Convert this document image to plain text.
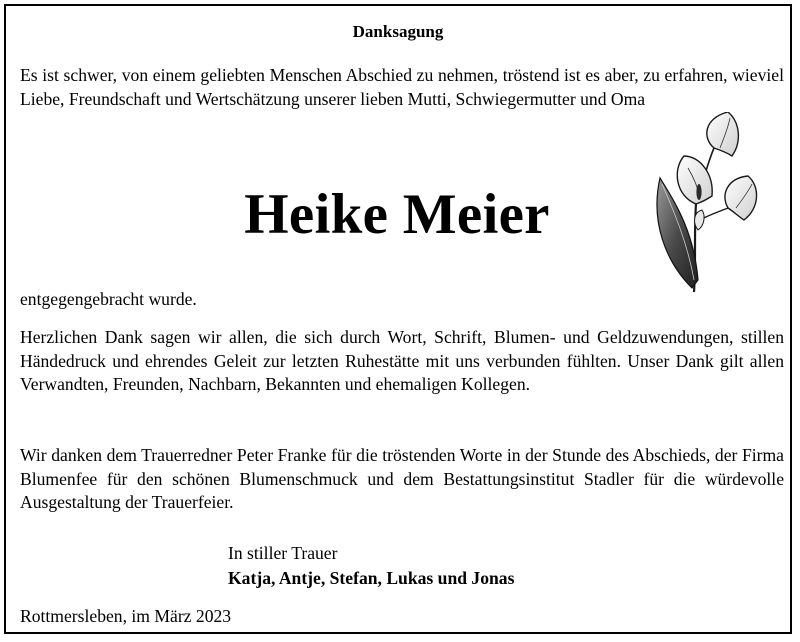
Danksagung
Es ist schwer, von einem geliebten Menschen Abschied zu nehmen, tröstend ist es aber, zu erfahren, wieviel Liebe, Freundschaft und Wertschätzung unserer lieben Mutti, Schwiegermutter und Oma
Heike Meier
entgegengebracht wurde.
Herzlichen Dank sagen wir allen, die sich durch Wort, Schrift, Blumen- und Geldzuwendungen, stillen Händedruck und ehrendes Geleit zur letzten Ruhestätte mit uns verbunden fühlten. Unser Dank gilt allen Verwandten, Freunden, Nachbarn, Bekannten und ehemaligen Kollegen.
Wir danken dem Trauerredner Peter Franke für die tröstenden Worte in der Stunde des Abschieds, der Firma Blumenfee für den schönen Blumenschmuck und dem Bestattungsinstitut Stadler für die würdevolle Ausgestaltung der Trauerfeier.
In stiller Trauer
Katja, Antje, Stefan, Lukas und Jonas
Rottmersleben, im März 2023
